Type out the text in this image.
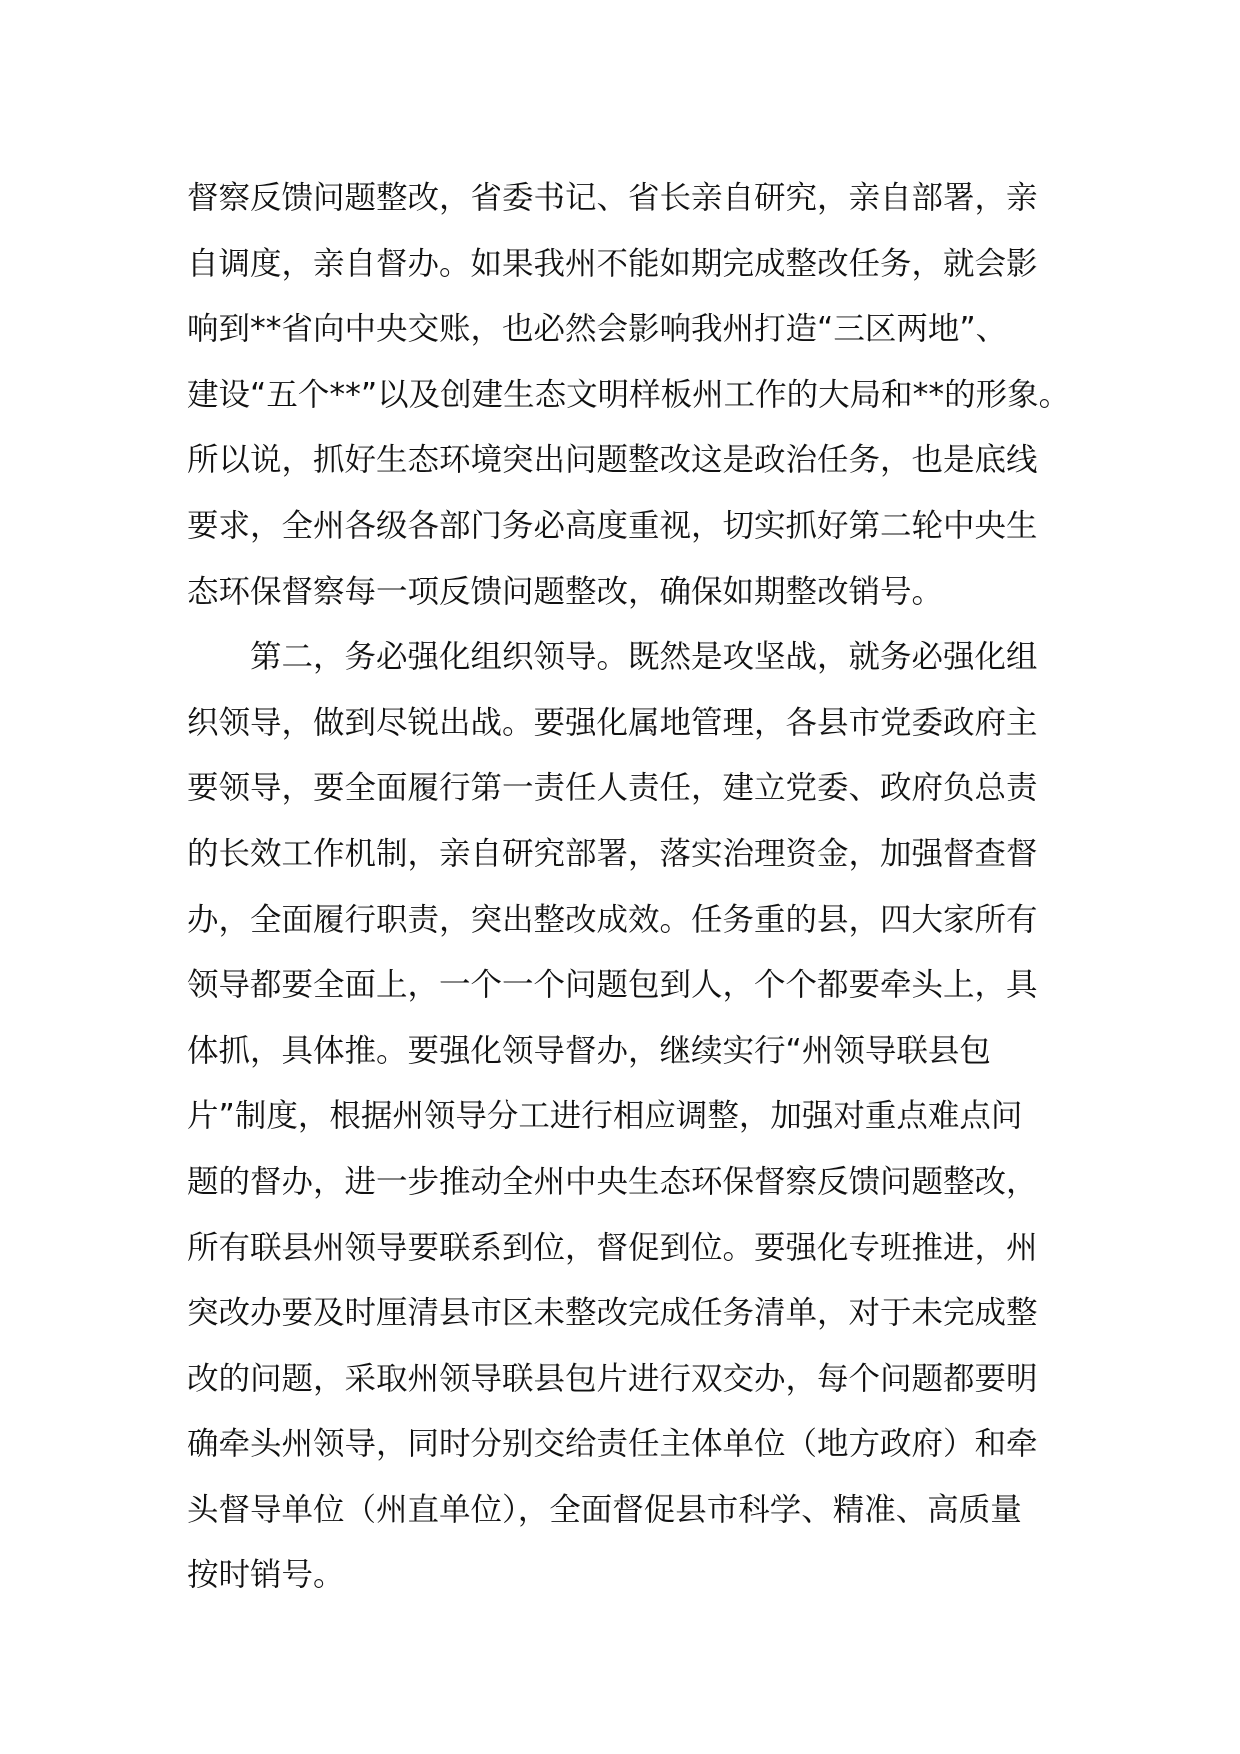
督察反馈问题整改，省委书记、省长亲自研究，亲自部署，亲
自调度，亲自督办。如果我州不能如期完成整改任务，就会影
响到**省向中央交账，也必然会影响我州打造“三区两地”、
建设“五个**”以及创建生态文明样板州工作的大局和**的形象。
所以说，抓好生态环境突出问题整改这是政治任务，也是底线
要求，全州各级各部门务必高度重视，切实抓好第二轮中央生
态环保督察每一项反馈问题整改，确保如期整改销号。
第二，务必强化组织领导。既然是攻坚战，就务必强化组
织领导，做到尽锐出战。要强化属地管理，各县市党委政府主
要领导，要全面履行第一责任人责任，建立党委、政府负总责
的长效工作机制，亲自研究部署，落实治理资金，加强督查督
办，全面履行职责，突出整改成效。任务重的县，四大家所有
领导都要全面上，一个一个问题包到人，个个都要牵头上，具
体抓，具体推。要强化领导督办，继续实行“州领导联县包
片”制度，根据州领导分工进行相应调整，加强对重点难点问
题的督办，进一步推动全州中央生态环保督察反馈问题整改，
所有联县州领导要联系到位，督促到位。要强化专班推进，州
突改办要及时厘清县市区未整改完成任务清单，对于未完成整
改的问题，采取州领导联县包片进行双交办，每个问题都要明
确牵头州领导，同时分别交给责任主体单位（地方政府）和牵
头督导单位（州直单位），全面督促县市科学、精准、高质量
按时销号。
